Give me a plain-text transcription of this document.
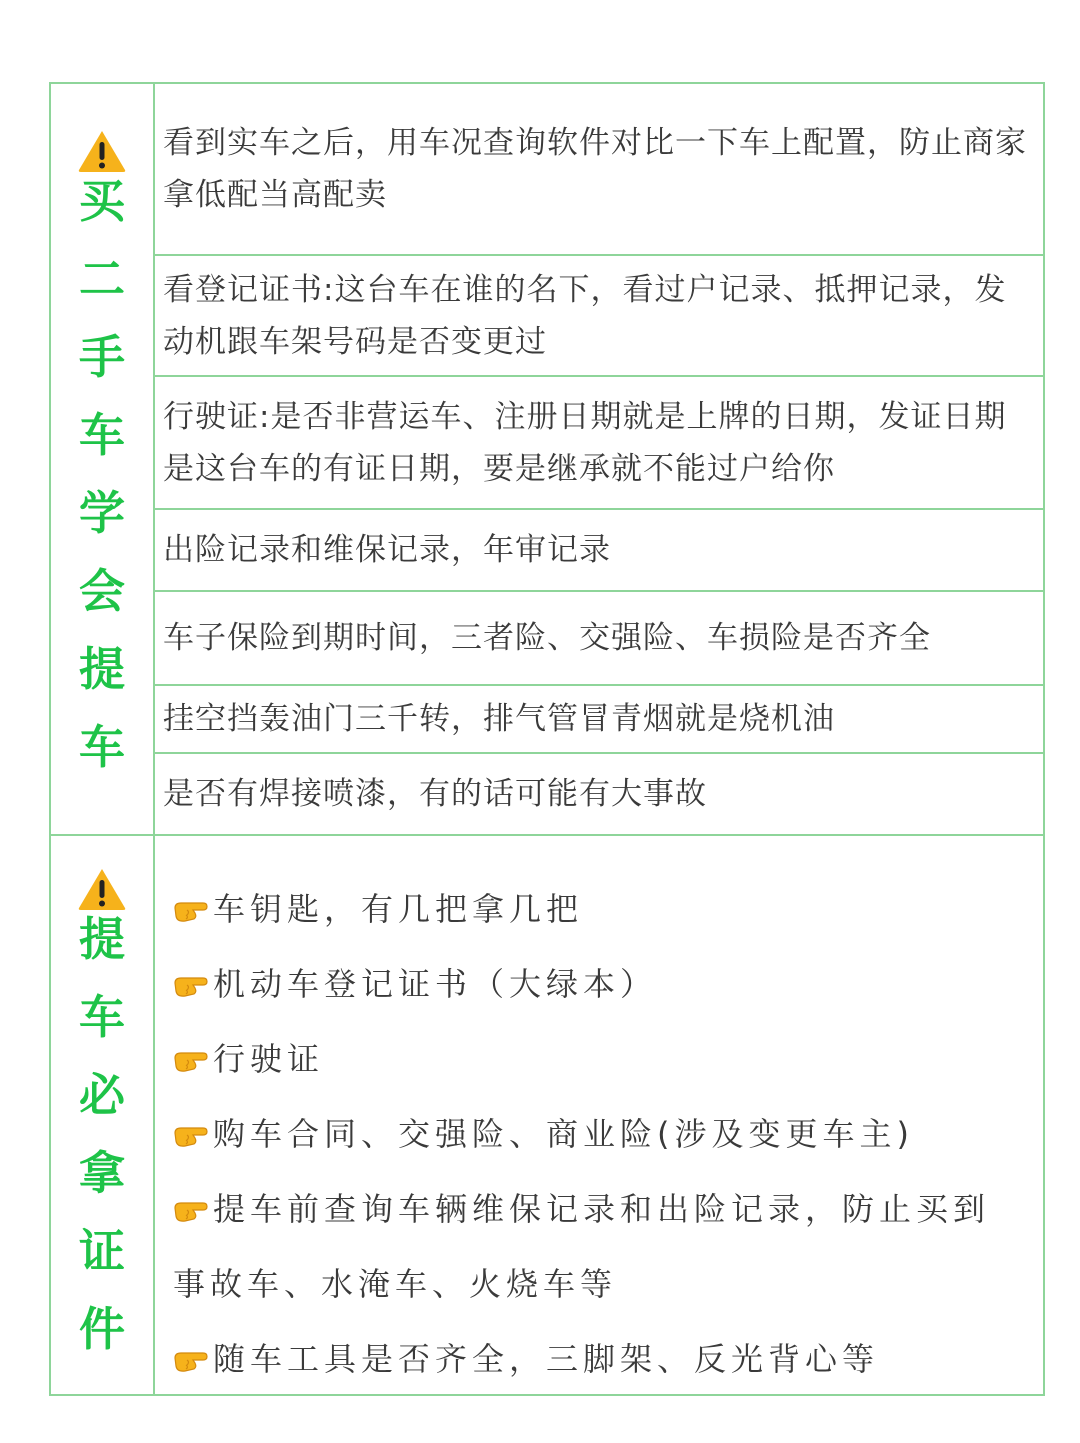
买
二
手
车
学
会
提
车
看到实车之后，用车况查询软件对比一下车上配置，防止商家拿低配当高配卖
看登记证书:这台车在谁的名下，看过户记录、抵押记录，发动机跟车架号码是否变更过
行驶证:是否非营运车、注册日期就是上牌的日期，发证日期是这台车的有证日期，要是继承就不能过户给你
出险记录和维保记录，年审记录
车子保险到期时间，三者险、交强险、车损险是否齐全
挂空挡轰油门三千转，排气管冒青烟就是烧机油
是否有焊接喷漆，有的话可能有大事故
提
车
必
拿
证
件
车钥匙，有几把拿几把
机动车登记证书（大绿本）
行驶证
购车合同、交强险、商业险(涉及变更车主)
提车前查询车辆维保记录和出险记录，防止买到事故车、水淹车、火烧车等
随车工具是否齐全，三脚架、反光背心等
